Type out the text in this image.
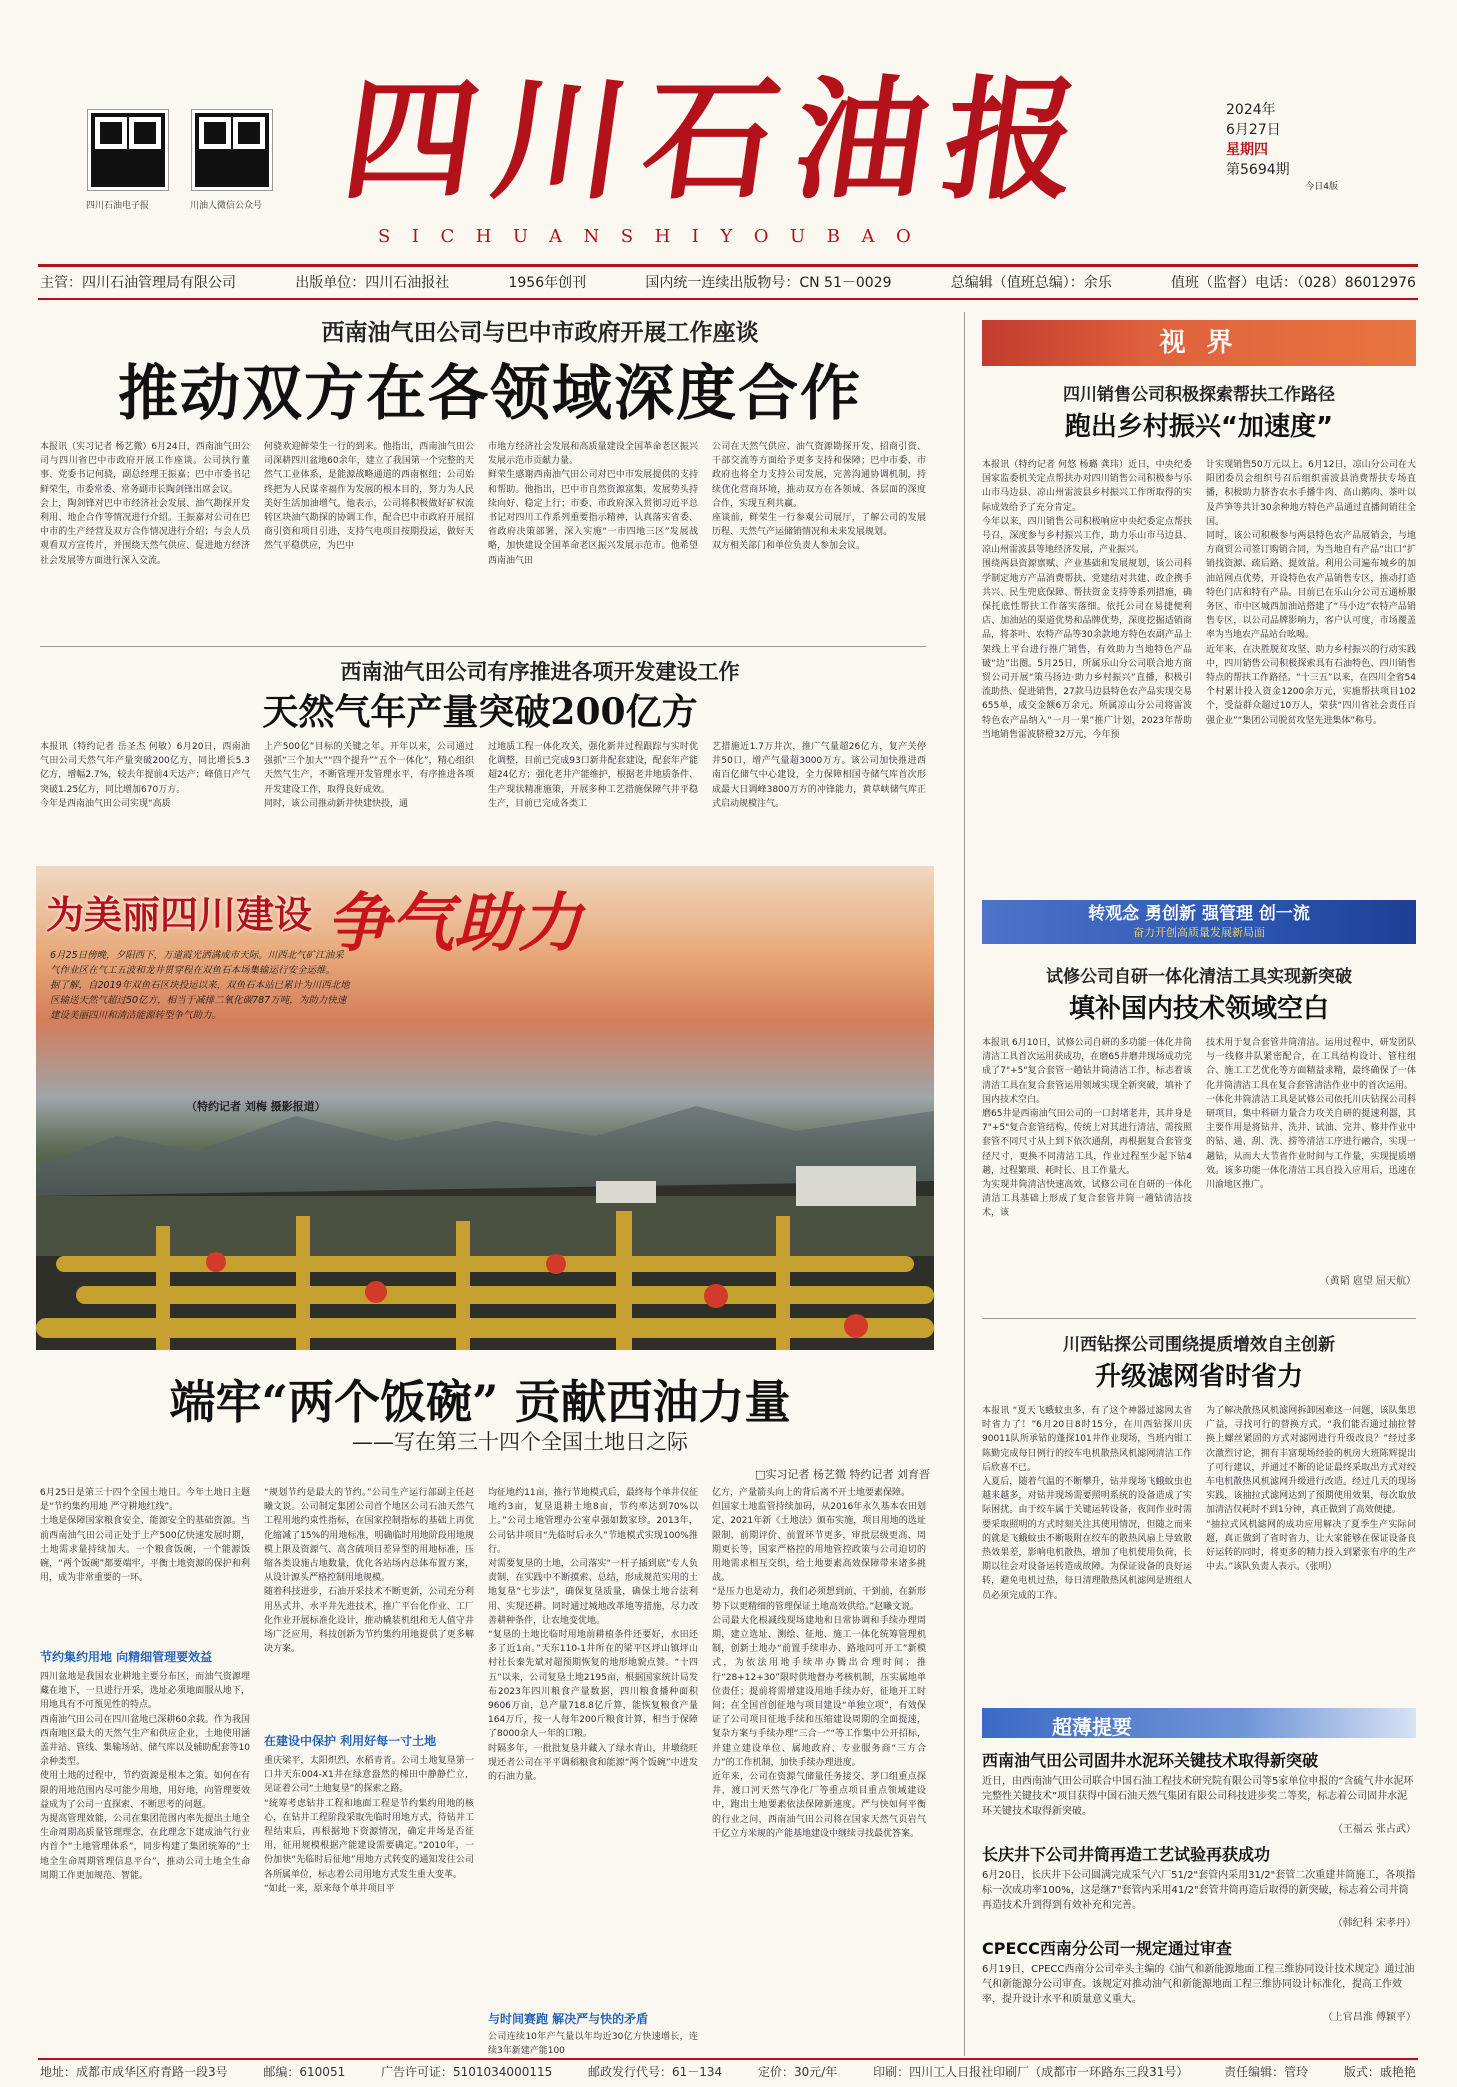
四川石油电子报	川油人微信公众号 四川石油报
SICHUANSHIYOUBAO
2024年
6月27日
星期四
第5694期
今日4版
主管：四川石油管理局有限公司	出版单位：四川石油报社	1956年创刊	国内统一连续出版物号：CN 51－0029	总编辑（值班总编）：余乐	值班（监督）电话：（028）86012976
西南油气田公司与巴中市政府开展工作座谈
推动双方在各领域深度合作
本报讯（实习记者 杨艺微）6月24日，西南油气田公司与四川省巴中市政府开展工作座谈。公司执行董事、党委书记何骁，副总经理王振嘉；巴中市委书记鲜荣生，市委常委、常务副市长陶剑锋出席会议。
会上，陶剑锋对巴中市经济社会发展、油气勘探开发利用、地企合作等情况进行介绍。王振嘉对公司在巴中市的生产经营及双方合作情况进行介绍；与会人员观看双方宣传片，并围绕天然气供应、促进地方经济社会发展等方面进行深入交流。
何骁欢迎鲜荣生一行的到来。他指出，西南油气田公司深耕四川盆地60余年，建立了我国第一个完整的天然气工业体系，是能源战略通道的西南枢纽；公司始终把为人民谋幸福作为发展的根本目的，努力为人民美好生活加油增气。他表示，公司将积极做好矿权流转区块油气勘探的协调工作，配合巴中市政府开展招商引资和项目引进，支持气电项目按期投运，做好天然气平稳供应，为巴中
市地方经济社会发展和高质量建设全国革命老区振兴发展示范市贡献力量。
鲜荣生感谢西南油气田公司对巴中市发展提供的支持和帮助。他指出，巴中市自然资源富集，发展势头持续向好、稳定上行；市委、市政府深入贯彻习近平总书记对四川工作系列重要指示精神，认真落实省委、省政府决策部署，深入实施“一市四地三区”发展战略，加快建设全国革命老区振兴发展示范市。他希望西南油气田
公司在天然气供应、油气资源勘探开发、招商引资、干部交流等方面给予更多支持和保障；巴中市委、市政府也将全力支持公司发展，完善沟通协调机制，持续优化营商环境，推动双方在各领域、各层面的深度合作，实现互利共赢。
座谈前，鲜荣生一行参观公司展厅，了解公司的发展历程、天然气产运储销情况和未来发展规划。
双方相关部门和单位负责人参加会议。
西南油气田公司有序推进各项开发建设工作
天然气年产量突破200亿方
本报讯（特约记者 岳圣杰 何敏）6月20日，西南油气田公司天然气年产量突破200亿方，同比增长5.3亿方，增幅2.7%，较去年提前4天达产；峰值日产气突破1.25亿方，同比增加670万方。
今年是西南油气田公司实现“高质
上产500亿”目标的关键之年。开年以来，公司通过强抓“三个加大”“四个提升”“五个一体化”，精心组织天然气生产，不断管理开发管理水平，有序推进各项开发建设工作，取得良好成效。
同时，该公司推动新井快建快投，通
过地质工程一体化攻关，强化新井过程跟踪与实时优化调整，目前已完成93口新井配套建设，配套年产能超24亿方；强化老井产能维护，根据老井地质条件、生产现状精准施策，开展多种工艺措施保障气井平稳生产，目前已完成各类工
艺措施近1.7万井次，推广气量超26亿方，复产关停井50口，增产气量超3000万方。该公司加快推进西南百亿储气中心建设，全力保障相国寺储气库首次形成最大日调峰3800万方的冲锋能力，黄草峡储气库正式启动规模注气。
为美丽四川建设 争气助力
6月25日傍晚，夕阳西下，万道霞光洒满成市天际。川西北气矿江油采气作业区在气工五波和龙井贯穿程在双鱼石本场集输运行安全运维。
据了解，自2019年双鱼石区块投运以来，双鱼石本站已累计为川西北地区输送天然气超过50亿方，相当于减排二氧化碳787万吨，为助力快速建设美丽四川和清洁能源转型争气助力。
（特约记者 刘梅 摄影报道）
端牢“两个饭碗” 贡献西油力量
——写在第三十四个全国土地日之际
□实习记者 杨艺微 特约记者 刘育晋
6月25日是第三十四个全国土地日。今年土地日主题是“节约集约用地 严守耕地红线”。
土地是保障国家粮食安全、能源安全的基础资源。当前西南油气田公司正处于上产500亿快速发展时期，土地需求量持续加大。一个粮食饭碗，一个能源饭碗，“两个饭碗”都要端牢，平衡土地资源的保护和利用，成为非常重要的一环。
节约集约用地 向精细管理要效益
四川盆地是我国农业耕地主要分布区，而油气资源埋藏在地下，一旦进行开采，选址必须地面服从地下，用地具有不可预见性的特点。
西南油气田公司在四川盆地已深耕60余载。作为我国西南地区最大的天然气生产和供应企业，土地使用涵盖井站、管线、集输场站、储气库以及辅助配套等10余种类型。
使用土地的过程中，节约资源是根本之策。如何在有限的用地范围内尽可能少用地，用好地，向管理要效益成为了公司一直探索、不断思考的问题。
为提高管理效能，公司在集团范围内率先提出土地全生命周期高质量管理理念，在此理念下建成油气行业内首个“土地管理体系”，同步构建了集团统筹的“土地全生命周期管理信息平台”，推动公司土地全生命周期工作更加规范、智能。
“规划节约是最大的节约。”公司生产运行部副主任赵曦文说。公司制定集团公司首个地区公司石油天然气工程用地约束性指标，在国家控制指标的基础上再优化缩减了15%的用地标准，明确临时用地阶段用地规模上限及资源气、高含硫项目差异型的用地标准，压缩各类设施占地数量，优化各站场内总体布置方案，从设计源头严格控制用地规模。
随着科技进步，石油开采技术不断更新，公司充分利用丛式井、水平井先进技术，推广平台化作业、工厂化作业开展标准化设计，推动橇装机组和无人值守井场广泛应用，科技创新为节约集约用地提供了更多解决方案。
在建设中保护 利用好每一寸土地
重庆梁平，太阳炽烈，水稻青青。公司土地复垦第一口井天东004-X1井在绿意盎然的梯田中静静伫立，见证着公司“土地复垦”的探索之路。
“统筹考虑钻井工程和地面工程是节约集约用地的核心，在钻井工程阶段采取先临时用地方式，待钻井工程结束后，再根据地下资源情况，确定井场是否征用，征用规模根据产能建设需要确定。”2010年，一份加快“先临时后征地”用地方式转变的通知发往公司各所属单位，标志着公司用地方式发生重大变革。
“如此一来，原来每个单井项目平
均征地约11亩，推行节地模式后，最终每个单井仅征地约3亩，复垦退耕土地8亩，节约率达到70%以上。”公司土地管理办公室卓强如数家珍。2013年，公司钻井项目“先临时后永久”节地模式实现100%推行。
对需要复垦的土地，公司落实“一杆子插到底”专人负责制，在实践中不断摸索、总结，形成规范实用的土地复垦“七步法”，确保复垦质量，确保土地合法利用、实现还耕。同时通过城地改革地等措施，尽力改善耕种条件，让农地变优地。
“复垦的土地比临时用地前耕植条件还要好，水田还多了近1亩。”天东110-1井所在的梁平区坪山镇坪山村社长秦先斌对超预期恢复的地形地貌点赞。“十四五”以来，公司复垦土地2195亩，根据国家统计局发布2023年四川粮食产量数据，四川粮食播种面积9606万亩，总产量718.8亿斤算，能恢复粮食产量164万斤，按一人每年200斤粮食计算，相当于保障了8000余人一年的口粮。
时隔多年，一批批复垦井藏入了绿水青山，井墩绕旺现还者公司在平平调稻粮食和能源“两个饭碗”中进发的石油力量。
与时间赛跑 解决严与快的矛盾
公司连续10年产气量以年均近30亿方快速增长，连续3年新建产能100
亿方，产量箭头向上的背后离不开土地要素保障。
但国家土地监管持续加码，从2016年永久基本农田划定、2021年新《土地法》颁布实施，项目用地的选址限制、前期评价、前置环节更多，审批层级更高、周期更长等，国家严格控的用地管控政策与公司迫切的用地需求相互交织，给土地要素高效保障带来诸多挑战。
“是压力也是动力，我们必须想到前、干到前，在新形势下以更精细的管理保证土地高效供给。”赵曦文说。
公司最大化根减线现场建地和日常协调和手续办理周期，建立选址、测绘、征地、施工一体化统筹管理机制，创新土地办“前置手续串办、路地同可开工”新模式，为依法用地手续串办腾出合理时间；推行“28+12+30”限时供地督办考核机制，压实属地单位责任；提前将需增建设用地手续办好，征地开工时间；在全国首创征地与项目建设“单独立项”，有效保证了公司项目征地手续和压缩建设周期的全面提速，复杂方案与手续办理“三合一”“等工作集中公开招标，并建立建设单位、属地政府、专业服务商“三方合力”的工作机制，加快手续办理进度。
近年来，公司在资源气储量任务接交、茅口组重点探井，渡口河天然气净化厂等重点项目重点领域建设中，跑出土地要素依法保障新速度。严与快如何平衡的行业之问，西南油气田公司将在国家天然气页岩气干亿立方米规的产能基地建设中继续寻找最优答案。
视 界
四川销售公司积极探索帮扶工作路径
跑出乡村振兴“加速度”
本报讯（特约记者 何悠 杨璐 龚玮）近日，中央纪委国家监委机关定点帮扶办对四川销售公司积极参与乐山市马边县、凉山州雷波县乡村振兴工作所取得的实际成效给予了充分肯定。
今年以来，四川销售公司积极响应中央纪委定点帮扶号召，深度参与乡村振兴工作，助力乐山市马边县、凉山州雷波县等地经济发展，产业振兴。
围绕两县资源禀赋、产业基础和发展规划，该公司科学制定地方产品消费帮扶、党建结对共建、政企携手共兴、民生兜底保障、帮扶资金支持等系列措施，确保托底性帮扶工作落实落细。依托公司在易捷便利店、加油站的渠道优势和品牌优势，深度挖掘适销商品，将茶叶、农特产品等30余款地方特色农副产品上架线上平台进行推广销售，有效助力当地特色产品破“边”出圈。5月25日，所属乐山分公司联合地方商贸公司开展“策马扬边·助力乡村振兴”直播，积极引流助热、促进销售，27款马边县特色农产品实现交易655单，成交金额6万余元。所属凉山分公司将雷波特色农产品纳入“一月一果”推广计划，2023年帮助当地销售雷波脐橙32万元，今年预
计实现销售50万元以上。6月12日，凉山分公司在大阳团委员会组织号召后组织雷波县消费帮扶专场直播，积极助力脐杏农水手播牛肉、高山鹅肉、茶叶以及芦笋等共计30余种地方特色产品通过直播间销往全国。
同时，该公司积极参与两县特色农产品展销会，与地方商贸公司签订购销合同，为当地自有产品“出口”扩销找资源、疏后路、提效益。利用公司遍布城乡的加油站网点优势，开设特色农产品销售专区，推动打造特色门店和特有产品。目前已在乐山分公司五通桥服务区、市中区城西加油站搭建了“马小边”农特产品销售专区，以公司品牌影响力，客户认可度，市场覆盖率为当地农产品站台吆喝。
近年来，在决胜脱贫攻坚、助力乡村振兴的行动实践中，四川销售公司积极探索具有石油特色、四川销售特点的帮扶工作路径。“十三五”以来，在四川全省54个村累计投入资金1200余万元，实施帮扶项目102个，受益群众超过10万人，荣获“四川省社会责任百强企业”“集团公司脱贫攻坚先进集体”称号。
转观念 勇创新 强管理 创一流
奋力开创高质量发展新局面
试修公司自研一体化清洁工具实现新突破
填补国内技术领域空白
本报讯 6月10日，试修公司自研的多功能一体化井筒清洁工具首次运用获成功，在磨65井磨井现场成功完成了7"+5"复合套管一趟钻井筒清洁工作，标志着该清洁工具在复合套管运用领域实现全新突破，填补了国内技术空白。
磨65井是西南油气田公司的一口封堵老井，其井身是7"+5"复合套管结构，传统上对其进行清洁，需按照套管不同尺寸从上到下依次通刮，再根据复合套管变径尺寸，更换不同清洁工具，作业过程至少起下钻4趟，过程繁琐、耗时长、且工作量大。
为实现井筒清洁快速高效，试修公司在自研的一体化清洁工具基础上形成了复合套管井筒一趟钻清洁技术，该
技术用于复合套管井筒清洁。运用过程中，研发团队与一线修井队紧密配合，在工具结构设计、管柱组合、施工工艺优化等方面精益求精，最终确保了一体化井筒清洁工具在复合套管清洁作业中的首次运用。
一体化井筒清洁工具是试修公司依托川庆钻探公司科研项目，集中科研力量合力攻关自研的提速利器，其主要作用是将钻井、洗井、试油、完井、修井作业中的钻、通、刮、洗、捞等清洁工序进行融合，实现一趟钻，从而大大节省作业时间与工作量，实现提质增效。该多功能一体化清洁工具自投入应用后，迅速在川渝地区推广。
（黄韬 扈望 屈天航）
川西钻探公司围绕提质增效自主创新
升级滤网省时省力
本报讯 “夏天飞蛾蚊虫多，有了这个神器过滤网太省时省力了！”6月20日8时15分，在川西钻探川庆90011队所承钻的蓬探101井作业现场，当班内钳工陈勤完成每日例行的绞车电机散热风机滤网清洁工作后欣喜不已。
入夏后，随着气温的不断攀升，钻井现场飞蛾蚊虫也越来越多，对钻井现场需要照明系统的设备造成了实际困扰。由于绞车属于关键运转设备，夜间作业时需要采取照明的方式时刻关注其使用情况，但随之而来的就是飞蛾蚊虫不断吸附在绞车的散热风扇上导致散热效果差，影响电机散热，增加了电机使用负荷，长期以往会对设备运转造成故障。为保证设备的良好运转，避免电机过热，每日清理散热风机滤网是班组人员必须完成的工作。
为了解决散热风机滤网拆卸困难这一问题，该队集思广益，寻找可行的替换方式。“我们能否通过抽拉替换上螺丝紧固的方式对滤网进行升级改良？”经过多次激烈讨论，拥有丰富现场经验的机房大班陈辉提出了可行建议，并通过不断的论证最终采取出方式对绞车电机散热风机滤网升级进行改造。经过几天的现场实践，该抽拉式滤网达到了预期使用效果，每次取放加清洁仅耗时不到1分钟，真正做到了高效便捷。
“抽拉式风机滤网的成功应用解决了夏季生产实际问题，真正做到了省时省力，让大家能够在保证设备良好运转的同时，将更多的精力投入到紧张有序的生产中去。”该队负责人表示。（张明）
超薄提要
西南油气田公司固井水泥环关键技术取得新突破
近日，由西南油气田公司联合中国石油工程技术研究院有限公司等5家单位申报的“含硫气井水泥环完整性关键技术”项目获得中国石油天然气集团有限公司科技进步奖二等奖，标志着公司固井水泥环关键技术取得新突破。
（王福云 张占武）
长庆井下公司井筒再造工艺试验再获成功
6月20日，长庆井下公司圆满完成采气六厂51/2"套管内采用31/2"套管二次重建井筒施工，各项指标一次成功率100%，这是继7"套管内采用41/2"套管井筒再造后取得的新突破，标志着公司井筒再造技术升到得到有效补充和完善。
（韩纪科 宋孝丹）
CPECC西南分公司一规定通过审查
6月19日，CPECC西南分公司牵头主编的《油气和新能源地面工程三维协同设计技术规定》通过油气和新能源分公司审查。该规定对推动油气和新能源地面工程三维协同设计标准化，提高工作效率，提升设计水平和质量意义重大。
（上官昌淮 傅颖平）
地址：成都市成华区府青路一段3号	邮编：610051	广告许可证：5101034000115	邮政发行代号：61－134	定价：30元/年	印刷：四川工人日报社印刷厂（成都市一环路东三段31号）	责任编辑：管玲	版式：戚艳艳
